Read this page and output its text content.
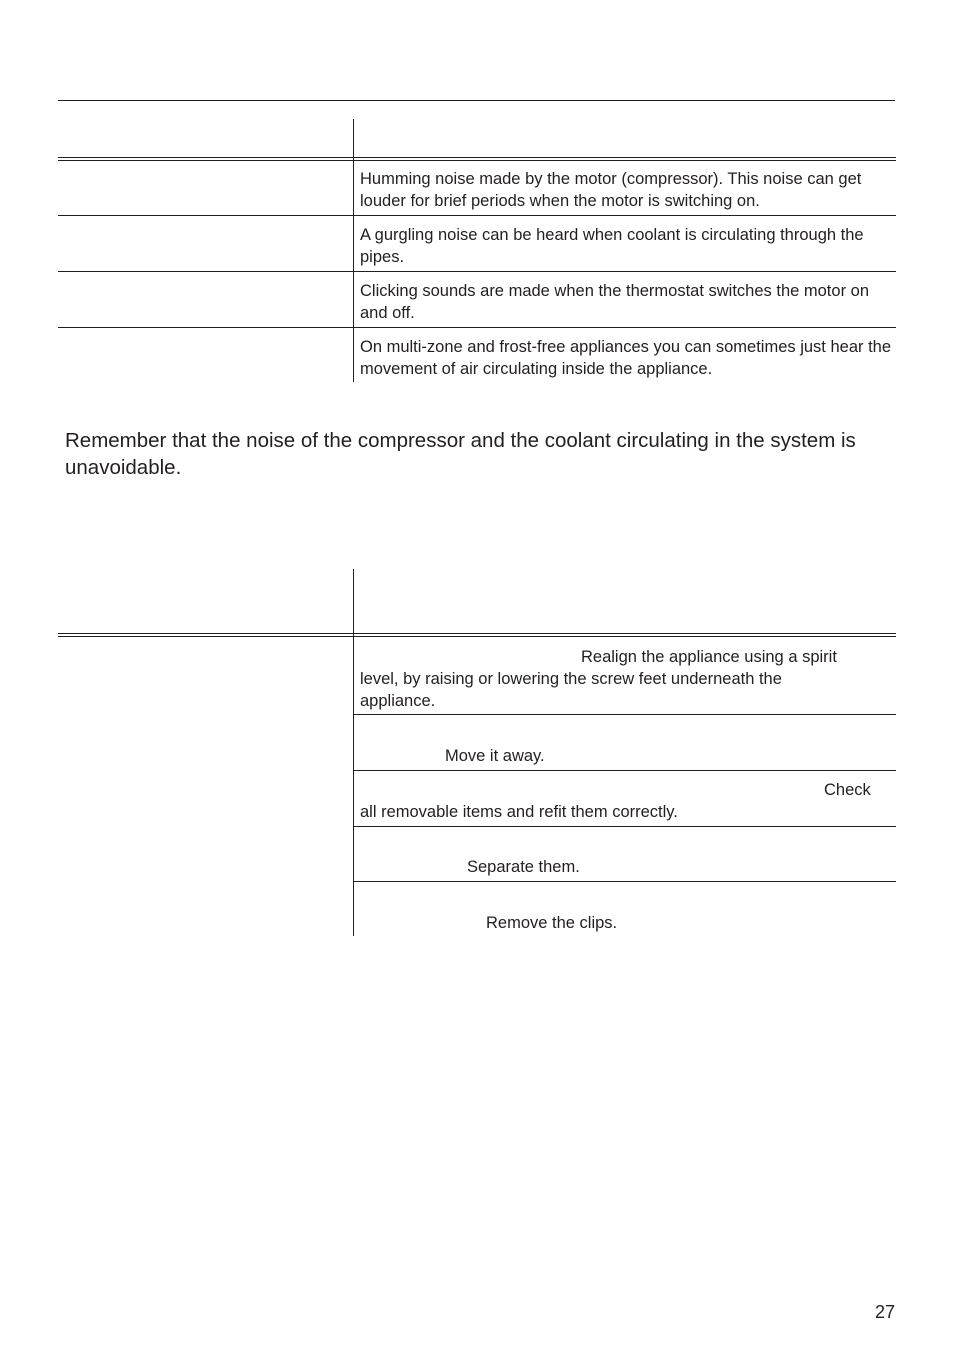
Humming noise made by the motor (compressor). This noise can get louder for brief periods when the motor is switching on.

A gurgling noise can be heard when coolant is circulating through the pipes.

Clicking sounds are made when the thermostat switches the motor on and off.

On multi-zone and frost-free appliances you can sometimes just hear the movement of air circulating inside the appliance.

Remember that the noise of the compressor and the coolant circulating in the system is unavoidable.

Realign the appliance using a spirit
level, by raising or lowering the screw feet underneath the
appliance.
Move it away.
Check
all removable items and refit them correctly.
Separate them.
Remove the clips.
27
